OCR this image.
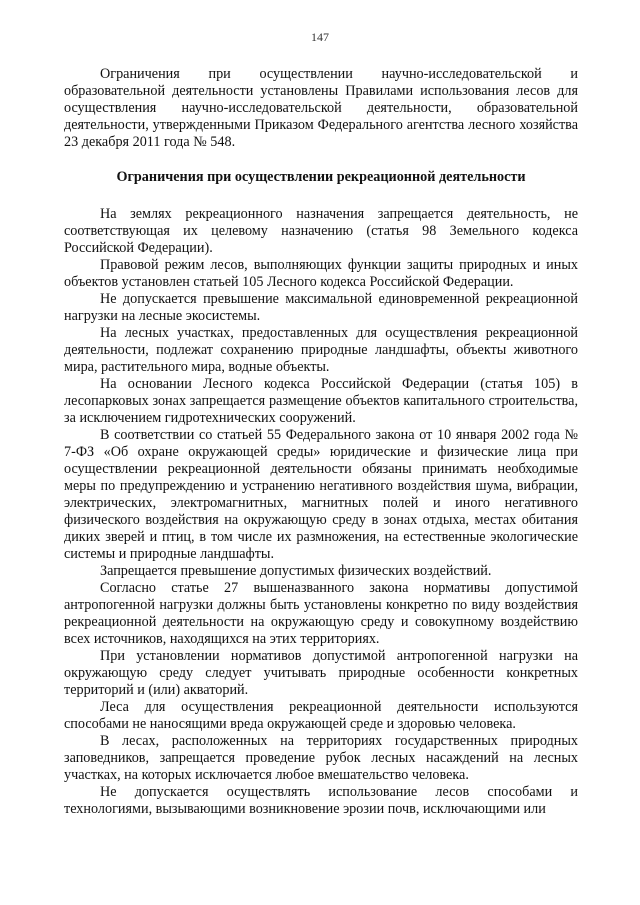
147

Ограничения при осуществлении научно-исследовательской и образовательной деятельности установлены Правилами использования лесов для осуществления научно-исследовательской деятельности, образовательной деятельности, утвержденными Приказом Федерального агентства лесного хозяйства 23 декабря 2011 года № 548.

Ограничения при осуществлении рекреационной деятельности

На землях рекреационного назначения запрещается деятельность, не соответствующая их целевому назначению (статья 98 Земельного кодекса Российской Федерации).

Правовой режим лесов, выполняющих функции защиты природных и иных объектов установлен статьей 105 Лесного кодекса Российской Федерации.

Не допускается превышение максимальной единовременной рекреационной нагрузки на лесные экосистемы.

На лесных участках, предоставленных для осуществления рекреационной деятельности, подлежат сохранению природные ландшафты, объекты животного мира, растительного мира, водные объекты.

На основании Лесного кодекса Российской Федерации (статья 105) в лесопарковых зонах запрещается размещение объектов капитального строительства, за исключением гидротехнических сооружений.

В соответствии со статьей 55 Федерального закона от 10 января 2002 года № 7-ФЗ «Об охране окружающей среды» юридические и физические лица при осуществлении рекреационной деятельности обязаны принимать необходимые меры по предупреждению и устранению негативного воздействия шума, вибрации, электрических, электромагнитных, магнитных полей и иного негативного физического воздействия на окружающую среду в зонах отдыха, местах обитания диких зверей и птиц, в том числе их размножения, на естественные экологические системы и природные ландшафты.

Запрещается превышение допустимых физических воздействий.

Согласно статье 27 вышеназванного закона нормативы допустимой антропогенной нагрузки должны быть установлены конкретно по виду воздействия рекреационной деятельности на окружающую среду и совокупному воздействию всех источников, находящихся на этих территориях.

При установлении нормативов допустимой антропогенной нагрузки на окружающую среду следует учитывать природные особенности конкретных территорий и (или) акваторий.

Леса для осуществления рекреационной деятельности используются способами не наносящими вреда окружающей среде и здоровью человека.

В лесах, расположенных на территориях государственных природных заповедников, запрещается проведение рубок лесных насаждений на лесных участках, на которых исключается любое вмешательство человека.

Не допускается осуществлять использование лесов способами и технологиями, вызывающими возникновение эрозии почв, исключающими или
